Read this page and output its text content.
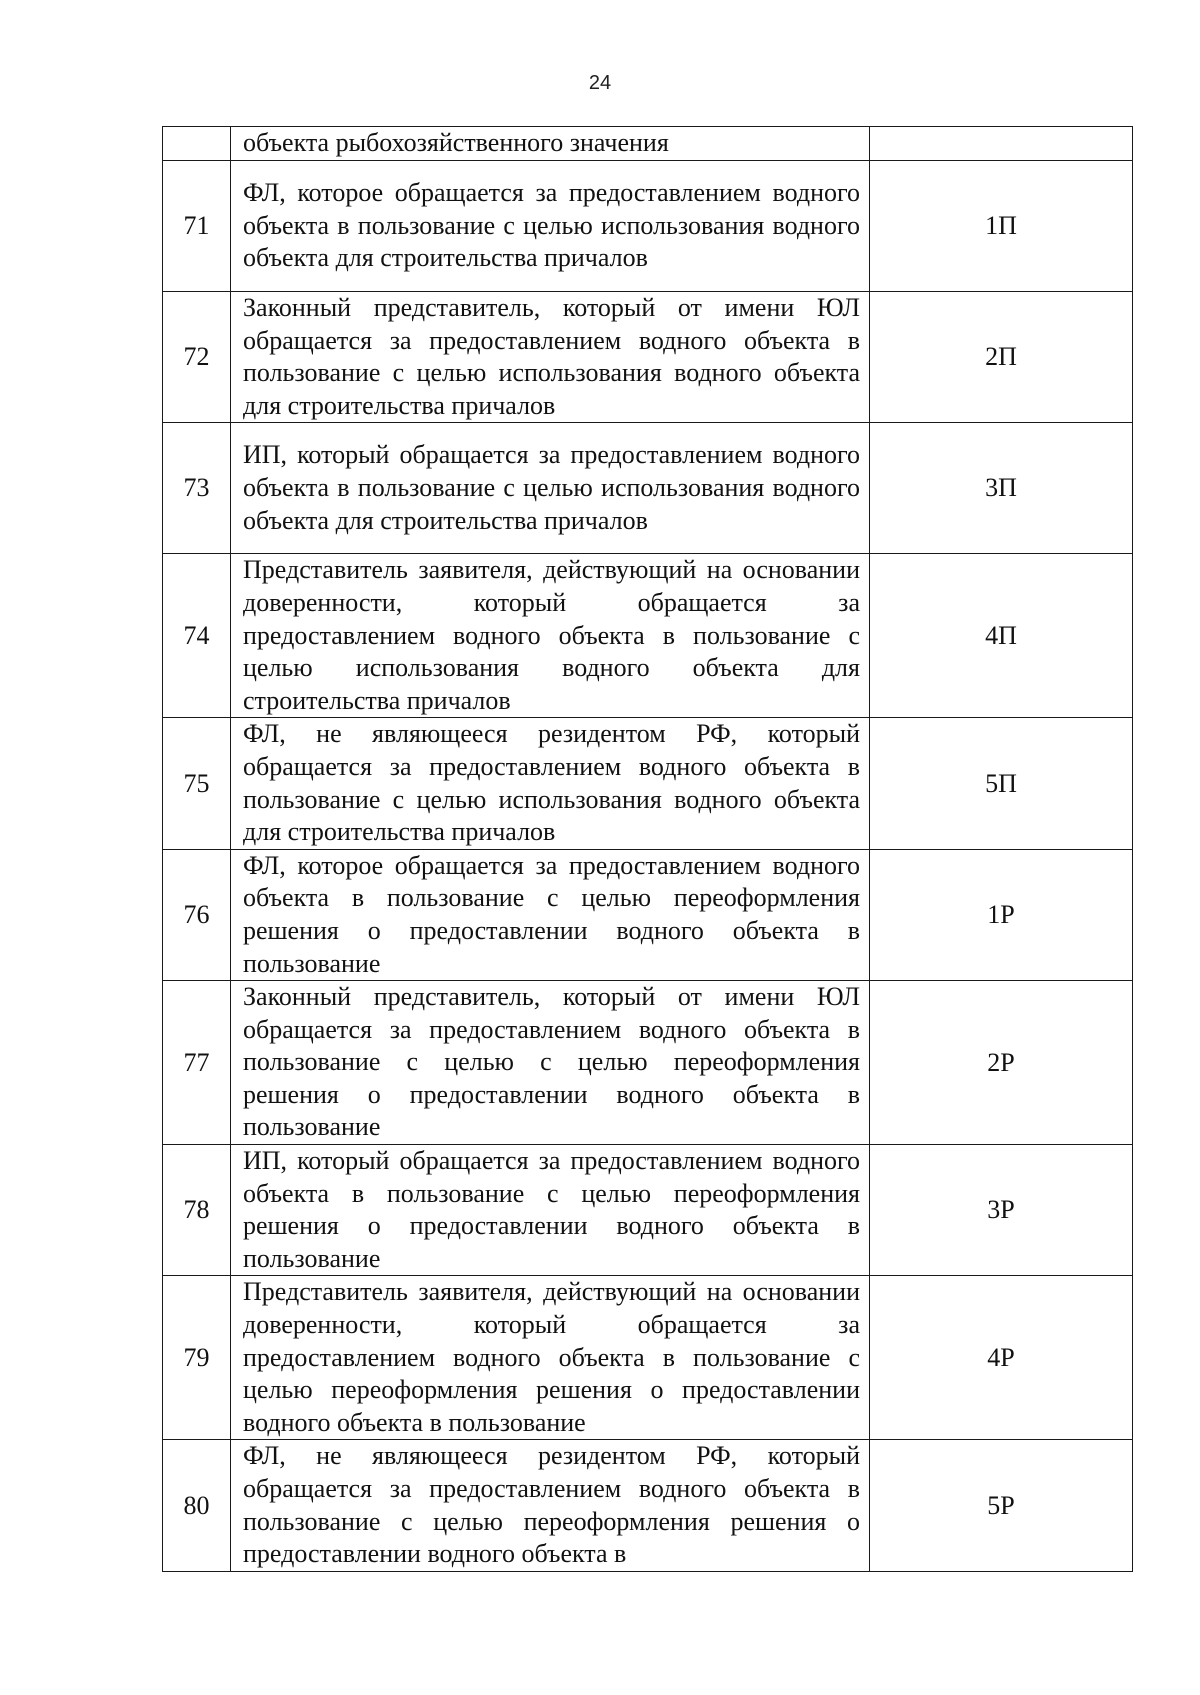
24

	объекта рыбохозяйственного значения	

71	ФЛ, которое обращается за предоставлением водного объекта в пользование с целью использования водного объекта для строительства причалов	1П
72	Законный представитель, который от имени ЮЛ обращается за предоставлением водного объекта в пользование с целью использования водного объекта для строительства причалов	2П
73	ИП, который обращается за предоставлением водного объекта в пользование с целью использования водного объекта для строительства причалов	3П
74	Представитель заявителя, действующий на основании доверенности, который обращается за предоставлением водного объекта в пользование с целью использования водного объекта для строительства причалов	4П
75	ФЛ, не являющееся резидентом РФ, который обращается за предоставлением водного объекта в пользование с целью использования водного объекта для строительства причалов	5П
76	ФЛ, которое обращается за предоставлением водного объекта в пользование с целью переоформления решения о предоставлении водного объекта в пользование	1Р
77	Законный представитель, который от имени ЮЛ обращается за предоставлением водного объекта в пользование с целью с целью переоформления решения о предоставлении водного объекта в пользование	2Р
78	ИП, который обращается за предоставлением водного объекта в пользование с целью переоформления решения о предоставлении водного объекта в пользование	3Р
79	Представитель заявителя, действующий на основании доверенности, который обращается за предоставлением водного объекта в пользование с целью переоформления решения о предоставлении водного объекта в пользование	4Р
80	ФЛ, не являющееся резидентом РФ, который обращается за предоставлением водного объекта в пользование с целью переоформления решения о предоставлении водного объекта в	5Р
